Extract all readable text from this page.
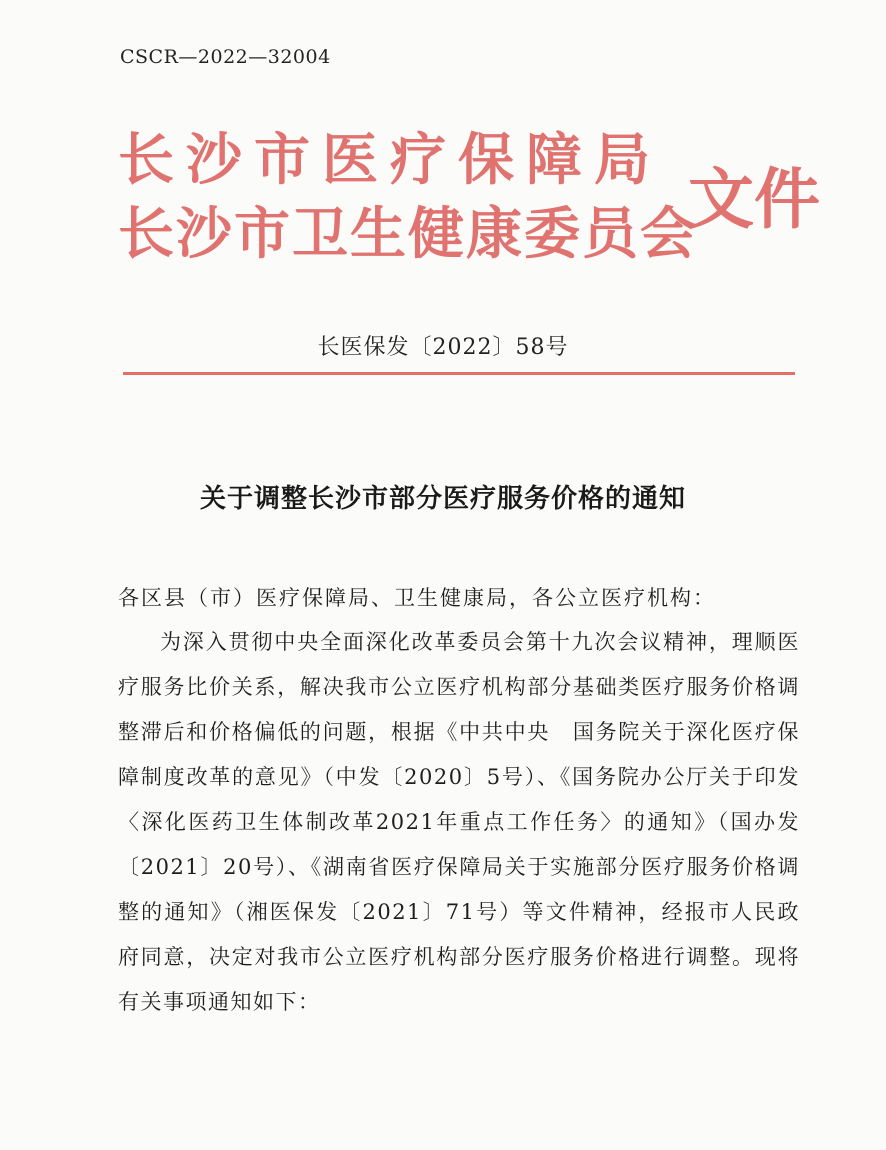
CSCR—2022—32004
长沙市医疗保障局
长沙市卫生健康委员会
文件
长医保发〔2022〕58号
关于调整长沙市部分医疗服务价格的通知

各区县（市）医疗保障局、卫生健康局，各公立医疗机构：

为深入贯彻中央全面深化改革委员会第十九次会议精神，理顺医疗服务比价关系，解决我市公立医疗机构部分基础类医疗服务价格调整滞后和价格偏低的问题，根据《中共中央　国务院关于深化医疗保障制度改革的意见》（中发〔2020〕5号）、《国务院办公厅关于印发〈深化医药卫生体制改革2021年重点工作任务〉的通知》（国办发〔2021〕20号）、《湖南省医疗保障局关于实施部分医疗服务价格调整的通知》（湘医保发〔2021〕71号）等文件精神，经报市人民政府同意，决定对我市公立医疗机构部分医疗服务价格进行调整。现将有关事项通知如下：
